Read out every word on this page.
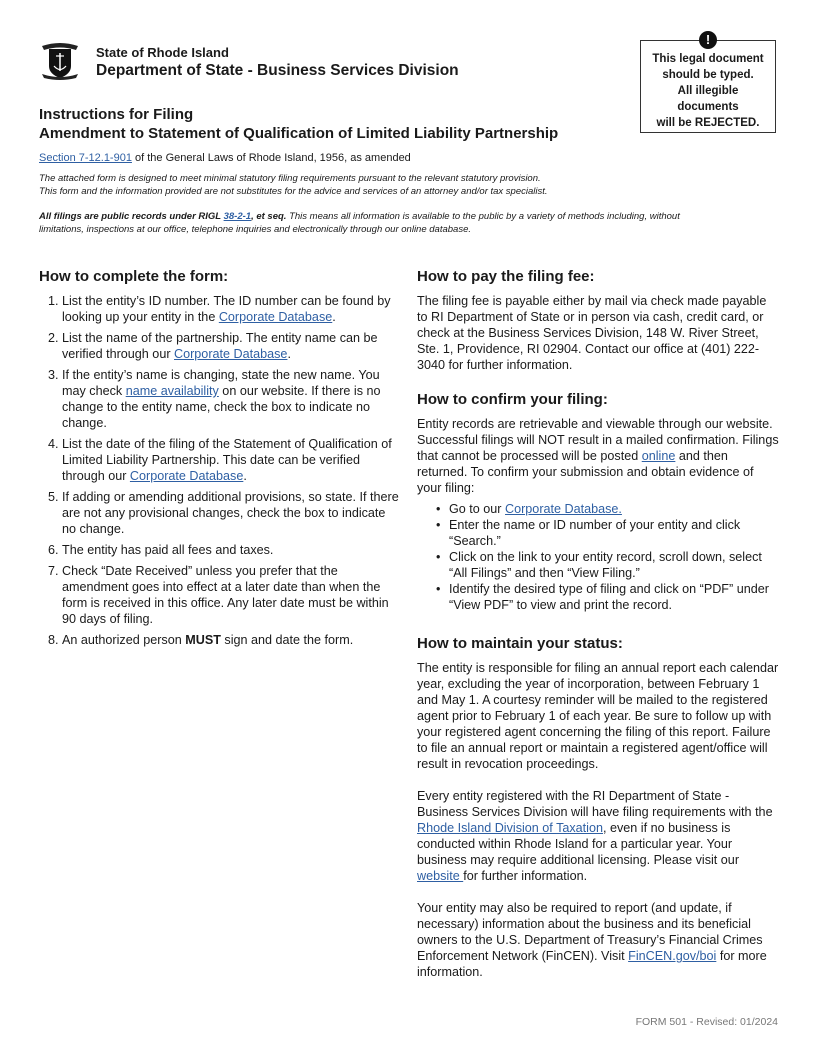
State of Rhode Island
Department of State - Business Services Division
!
This legal document
should be typed.
All illegible
documents
will be REJECTED.
Instructions for Filing
Amendment to Statement of Qualification of Limited Liability Partnership
Section 7-12.1-901 of the General Laws of Rhode Island, 1956, as amended
The attached form is designed to meet minimal statutory filing requirements pursuant to the relevant statutory provision.
This form and the information provided are not substitutes for the advice and services of an attorney and/or tax specialist.
All filings are public records under RIGL 38-2-1, et seq. This means all information is available to the public by a variety of methods including, without limitations, inspections at our office, telephone inquiries and electronically through our online database.
How to complete the form:
1. List the entity’s ID number. The ID number can be found by looking up your entity in the Corporate Database.
2. List the name of the partnership. The entity name can be verified through our Corporate Database.
3. If the entity’s name is changing, state the new name. You may check name availability on our website. If there is no change to the entity name, check the box to indicate no change.
4. List the date of the filing of the Statement of Qualification of Limited Liability Partnership. This date can be verified through our Corporate Database.
5. If adding or amending additional provisions, so state. If there are not any provisional changes, check the box to indicate no change.
6. The entity has paid all fees and taxes.
7. Check “Date Received” unless you prefer that the amendment goes into effect at a later date than when the form is received in this office. Any later date must be within 90 days of filing.
8. An authorized person MUST sign and date the form.
How to pay the filing fee:

The filing fee is payable either by mail via check made payable to RI Department of State or in person via cash, credit card, or check at the Business Services Division, 148 W. River Street, Ste. 1, Providence, RI 02904. Contact our office at (401) 222-3040 for further information.

How to confirm your filing:

Entity records are retrievable and viewable through our website. Successful filings will NOT result in a mailed confirmation. Filings that cannot be processed will be posted online and then returned. To confirm your submission and obtain evidence of your filing:

• Go to our Corporate Database.
• Enter the name or ID number of your entity and click “Search.”
• Click on the link to your entity record, scroll down, select “All Filings” and then “View Filing.”
• Identify the desired type of filing and click on “PDF” under “View PDF” to view and print the record.
How to maintain your status:

The entity is responsible for filing an annual report each calendar year, excluding the year of incorporation, between February 1 and May 1. A courtesy reminder will be mailed to the registered agent prior to February 1 of each year. Be sure to follow up with your registered agent concerning the filing of this report. Failure to file an annual report or maintain a registered agent/office will result in revocation proceedings.

Every entity registered with the RI Department of State - Business Services Division will have filing requirements with the Rhode Island Division of Taxation, even if no business is conducted within Rhode Island for a particular year. Your business may require additional licensing. Please visit our website for further information.

Your entity may also be required to report (and update, if necessary) information about the business and its beneficial owners to the U.S. Department of Treasury’s Financial Crimes Enforcement Network (FinCEN). Visit FinCEN.gov/boi for more information.

FORM 501 - Revised: 01/2024
